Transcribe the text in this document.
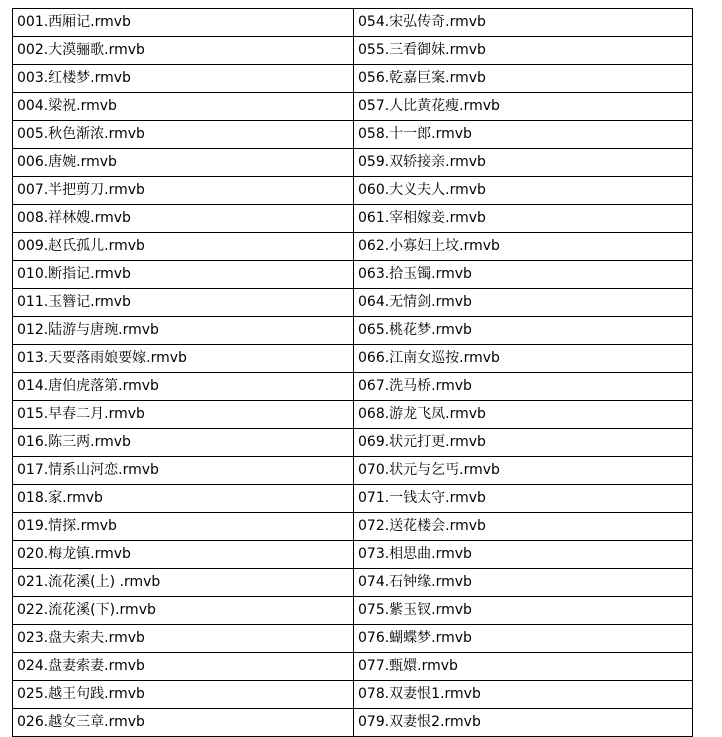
001.西厢记.rmvb	054.宋弘传奇.rmvb
002.大漠骊歌.rmvb	055.三看御妹.rmvb
003.红楼梦.rmvb	056.乾嘉巨案.rmvb
004.梁祝.rmvb	057.人比黄花瘦.rmvb
005.秋色渐浓.rmvb	058.十一郎.rmvb
006.唐婉.rmvb	059.双轿接亲.rmvb
007.半把剪刀.rmvb	060.大义夫人.rmvb
008.祥林嫂.rmvb	061.宰相嫁妾.rmvb
009.赵氏孤儿.rmvb	062.小寡妇上坟.rmvb
010.断指记.rmvb	063.拾玉镯.rmvb
011.玉簪记.rmvb	064.无情剑.rmvb
012.陆游与唐琬.rmvb	065.桃花梦.rmvb
013.天要落雨娘要嫁.rmvb	066.江南女巡按.rmvb
014.唐伯虎落第.rmvb	067.洗马桥.rmvb
015.早春二月.rmvb	068.游龙飞凤.rmvb
016.陈三两.rmvb	069.状元打更.rmvb
017.情系山河恋.rmvb	070.状元与乞丐.rmvb
018.家.rmvb	071.一钱太守.rmvb
019.情探.rmvb	072.送花楼会.rmvb
020.梅龙镇.rmvb	073.相思曲.rmvb
021.流花溪(上) .rmvb	074.石钟缘.rmvb
022.流花溪(下).rmvb	075.紫玉钗.rmvb
023.盘夫索夫.rmvb	076.蝴蝶梦.rmvb
024.盘妻索妻.rmvb	077.甄嬛.rmvb
025.越王句践.rmvb	078.双妻恨1.rmvb
026.越女三章.rmvb	079.双妻恨2.rmvb
